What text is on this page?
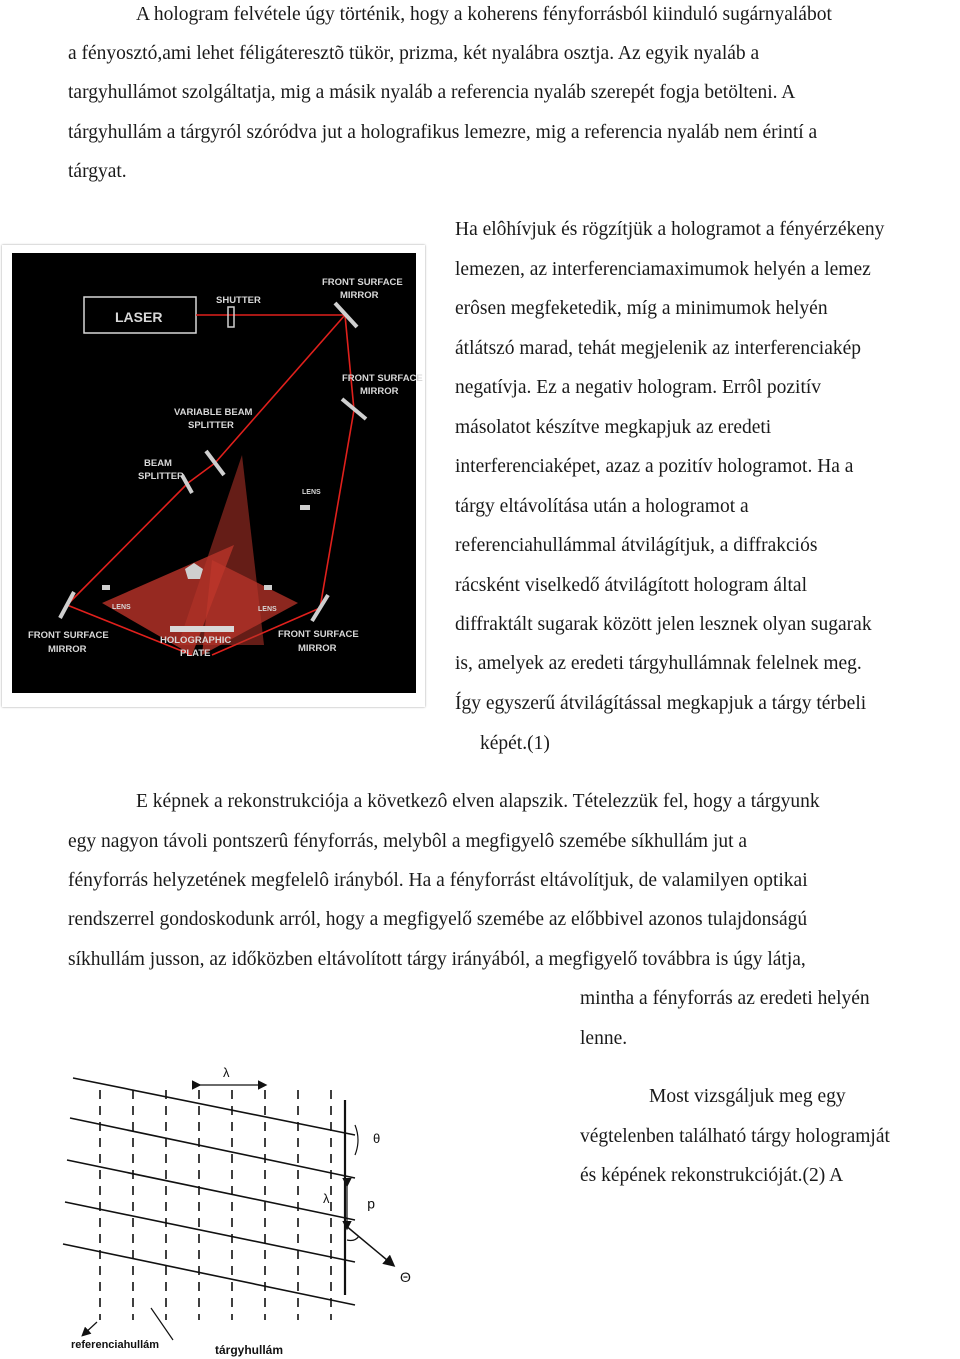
A hologram felvétele úgy történik, hogy a koherens fényforrásból kiinduló sugárnyalábot
a fényosztó,ami lehet féligáteresztõ tükör, prizma, két nyalábra osztja. Az egyik nyaláb a
targyhullámot szolgáltatja, mig a másik nyaláb a referencia nyaláb szerepét fogja betölteni. A
tárgyhullám a tárgyról szóródva jut a holografikus lemezre, mig a referencia nyaláb nem érintí a
tárgyat.
LASER
SHUTTER
FRONT SURFACE
MIRROR
FRONT SURFACE
MIRROR
VARIABLE BEAM
SPLITTER
BEAM
SPLITTER
LENS
LENS	LENS
FRONT SURFACE
MIRROR
HOLOGRAPHIC
PLATE
FRONT SURFACE
MIRROR
Ha elôhívjuk és rögzítjük a hologramot a fényérzékeny
lemezen, az interferenciamaximumok helyén a lemez
erôsen megfeketedik, míg a minimumok helyén
átlátszó marad, tehát megjelenik az interferenciakép
negatívja. Ez a negativ hologram. Errôl pozitív
másolatot készítve megkapjuk az eredeti
interferenciaképet, azaz a pozitív hologramot. Ha a
tárgy eltávolítása után a hologramot a
referenciahullámmal átvilágítjuk, a diffrakciós
rácsként viselkedő átvilágított hologram által
diffraktált sugarak között jelen lesznek olyan sugarak
is, amelyek az eredeti tárgyhullámnak felelnek meg.
Így egyszerű átvilágítással megkapjuk a tárgy térbeli
képét.(1)
E képnek a rekonstrukciója a következô elven alapszik. Tételezzük fel, hogy a tárgyunk
egy nagyon távoli pontszerû fényforrás, melybôl a megfigyelô szemébe síkhullám jut a
fényforrás helyzetének megfelelô irányból. Ha a fényforrást eltávolítjuk, de valamilyen optikai
rendszerrel gondoskodunk arról, hogy a megfigyelő szemébe az előbbivel azonos tulajdonságú
síkhullám jusson, az időközben eltávolított tárgy irányából, a megfigyelő továbbra is úgy látja,
mintha a fényforrás az eredeti helyén
lenne.
Most vizsgáljuk meg egy
végtelenben található tárgy hologramját
és képének rekonstrukcióját.(2) A
λ
θ
λ	d
Θ
referenciahullám	tárgyhullám
